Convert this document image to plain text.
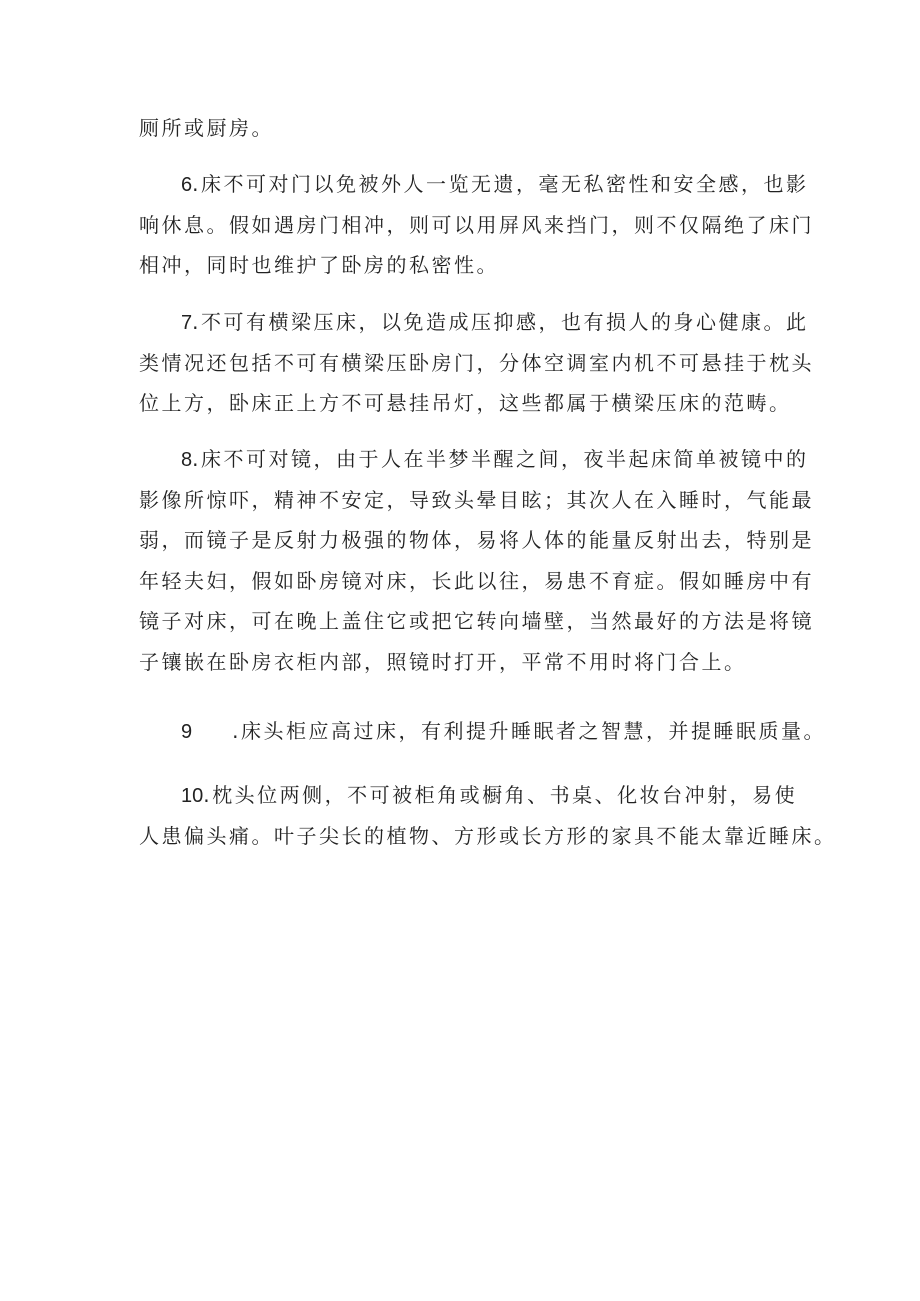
厕所或厨房。
6.床不可对门以免被外人一览无遗，毫无私密性和安全感，也影
响休息。假如遇房门相冲，则可以用屏风来挡门，则不仅隔绝了床门
相冲，同时也维护了卧房的私密性。
7.不可有横梁压床，以免造成压抑感，也有损人的身心健康。此
类情况还包括不可有横梁压卧房门，分体空调室内机不可悬挂于枕头
位上方，卧床正上方不可悬挂吊灯，这些都属于横梁压床的范畴。
8.床不可对镜，由于人在半梦半醒之间，夜半起床简单被镜中的
影像所惊吓，精神不安定，导致头晕目眩；其次人在入睡时，气能最
弱，而镜子是反射力极强的物体，易将人体的能量反射出去，特别是
年轻夫妇，假如卧房镜对床，长此以往，易患不育症。假如睡房中有
镜子对床，可在晚上盖住它或把它转向墙壁，当然最好的方法是将镜
子镶嵌在卧房衣柜内部，照镜时打开，平常不用时将门合上。
9 .床头柜应高过床，有利提升睡眠者之智慧，并提睡眠质量。
10.枕头位两侧，不可被柜角或橱角、书桌、化妆台冲射，易使
人患偏头痛。叶子尖长的植物、方形或长方形的家具不能太靠近睡床。
